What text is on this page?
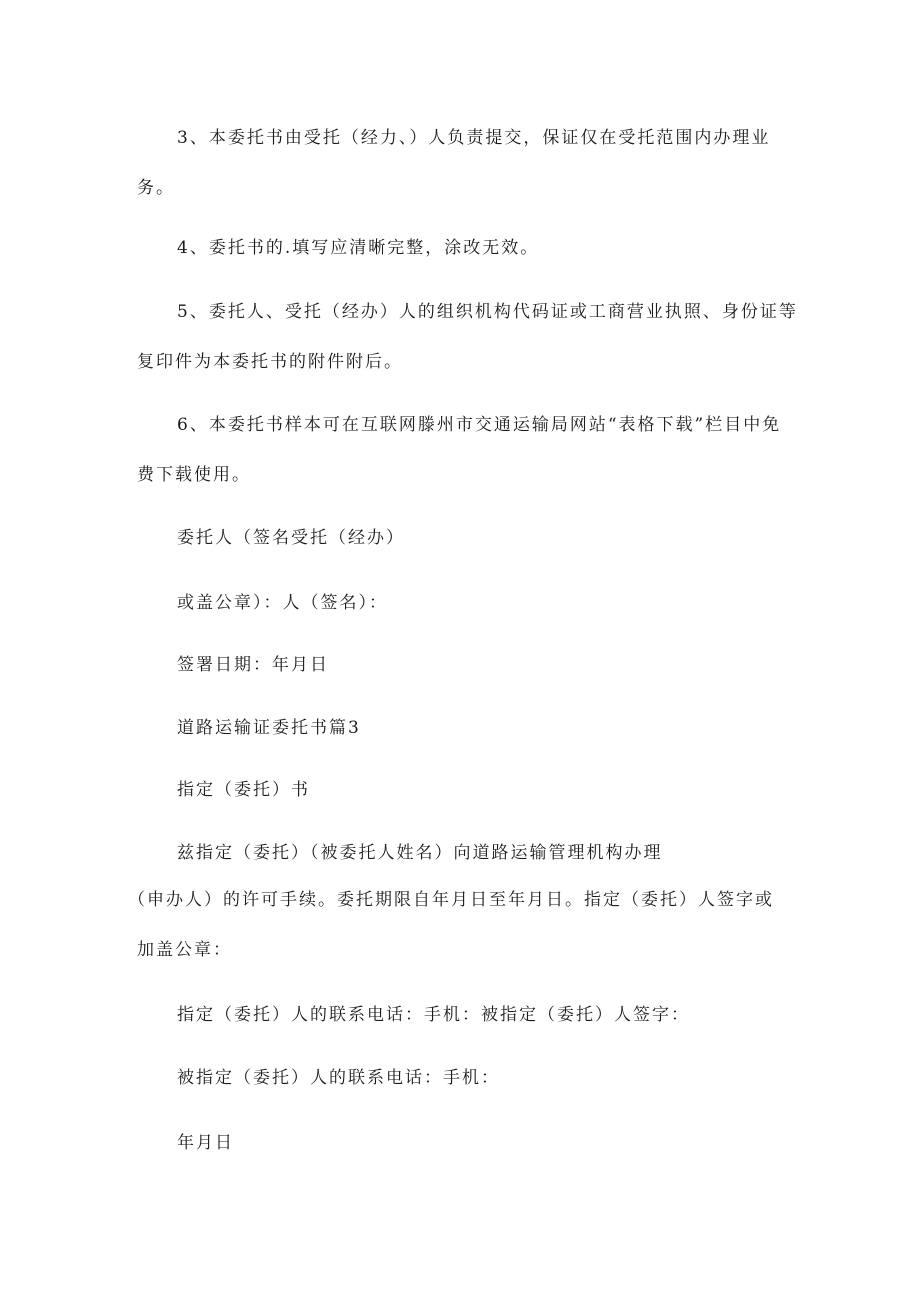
3、本委托书由受托（经力、）人负责提交，保证仅在受托范围内办理业
务。
4、委托书的.填写应清晰完整，涂改无效。
5、委托人、受托（经办）人的组织机构代码证或工商营业执照、身份证等
复印件为本委托书的附件附后。
6、本委托书样本可在互联网滕州市交通运输局网站“表格下载”栏目中免
费下载使用。
委托人（签名受托（经办）
或盖公章）：人（签名）：
签署日期：年月日
道路运输证委托书篇3
指定（委托）书
兹指定（委托）（被委托人姓名）向道路运输管理机构办理
（申办人）的许可手续。委托期限自年月日至年月日。指定（委托）人签字或
加盖公章：
指定（委托）人的联系电话：手机：被指定（委托）人签字：
被指定（委托）人的联系电话：手机：
年月日
